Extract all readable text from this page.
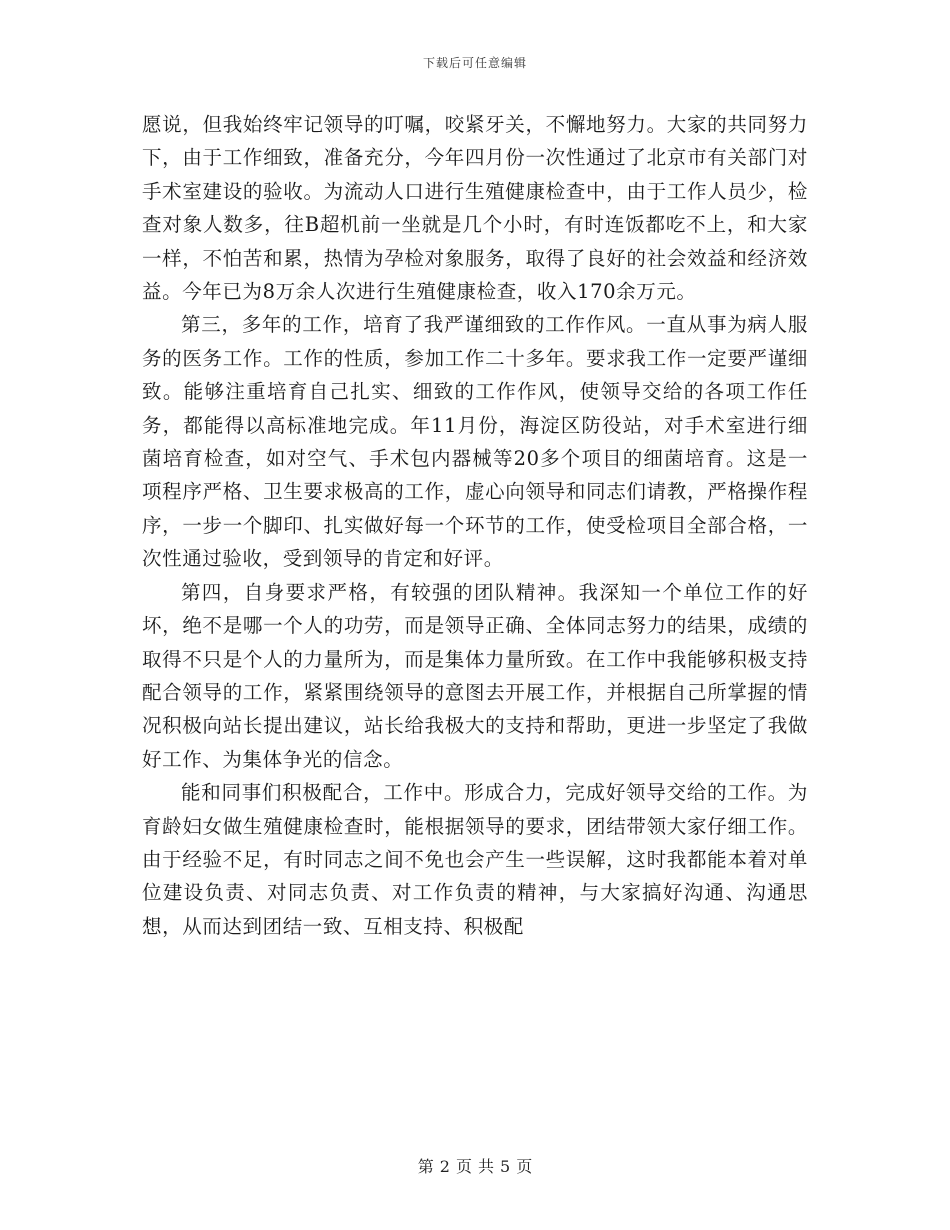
下载后可任意编辑

愿说，但我始终牢记领导的叮嘱，咬紧牙关，不懈地努力。大家的共同努力下，由于工作细致，准备充分，今年四月份一次性通过了北京市有关部门对手术室建设的验收。为流动人口进行生殖健康检查中，由于工作人员少，检查对象人数多，往B超机前一坐就是几个小时，有时连饭都吃不上，和大家一样，不怕苦和累，热情为孕检对象服务，取得了良好的社会效益和经济效益。今年已为8万余人次进行生殖健康检查，收入170余万元。

第三，多年的工作，培育了我严谨细致的工作作风。一直从事为病人服务的医务工作。工作的性质，参加工作二十多年。要求我工作一定要严谨细致。能够注重培育自己扎实、细致的工作作风，使领导交给的各项工作任务，都能得以高标准地完成。年11月份，海淀区防役站，对手术室进行细菌培育检查，如对空气、手术包内器械等20多个项目的细菌培育。这是一项程序严格、卫生要求极高的工作，虚心向领导和同志们请教，严格操作程序，一步一个脚印、扎实做好每一个环节的工作，使受检项目全部合格，一次性通过验收，受到领导的肯定和好评。

第四，自身要求严格，有较强的团队精神。我深知一个单位工作的好坏，绝不是哪一个人的功劳，而是领导正确、全体同志努力的结果，成绩的取得不只是个人的力量所为，而是集体力量所致。在工作中我能够积极支持配合领导的工作，紧紧围绕领导的意图去开展工作，并根据自己所掌握的情况积极向站长提出建议，站长给我极大的支持和帮助，更进一步坚定了我做好工作、为集体争光的信念。

能和同事们积极配合，工作中。形成合力，完成好领导交给的工作。为育龄妇女做生殖健康检查时，能根据领导的要求，团结带领大家仔细工作。由于经验不足，有时同志之间不免也会产生一些误解，这时我都能本着对单位建设负责、对同志负责、对工作负责的精神，与大家搞好沟通、沟通思想，从而达到团结一致、互相支持、积极配

第 2 页 共 5 页
